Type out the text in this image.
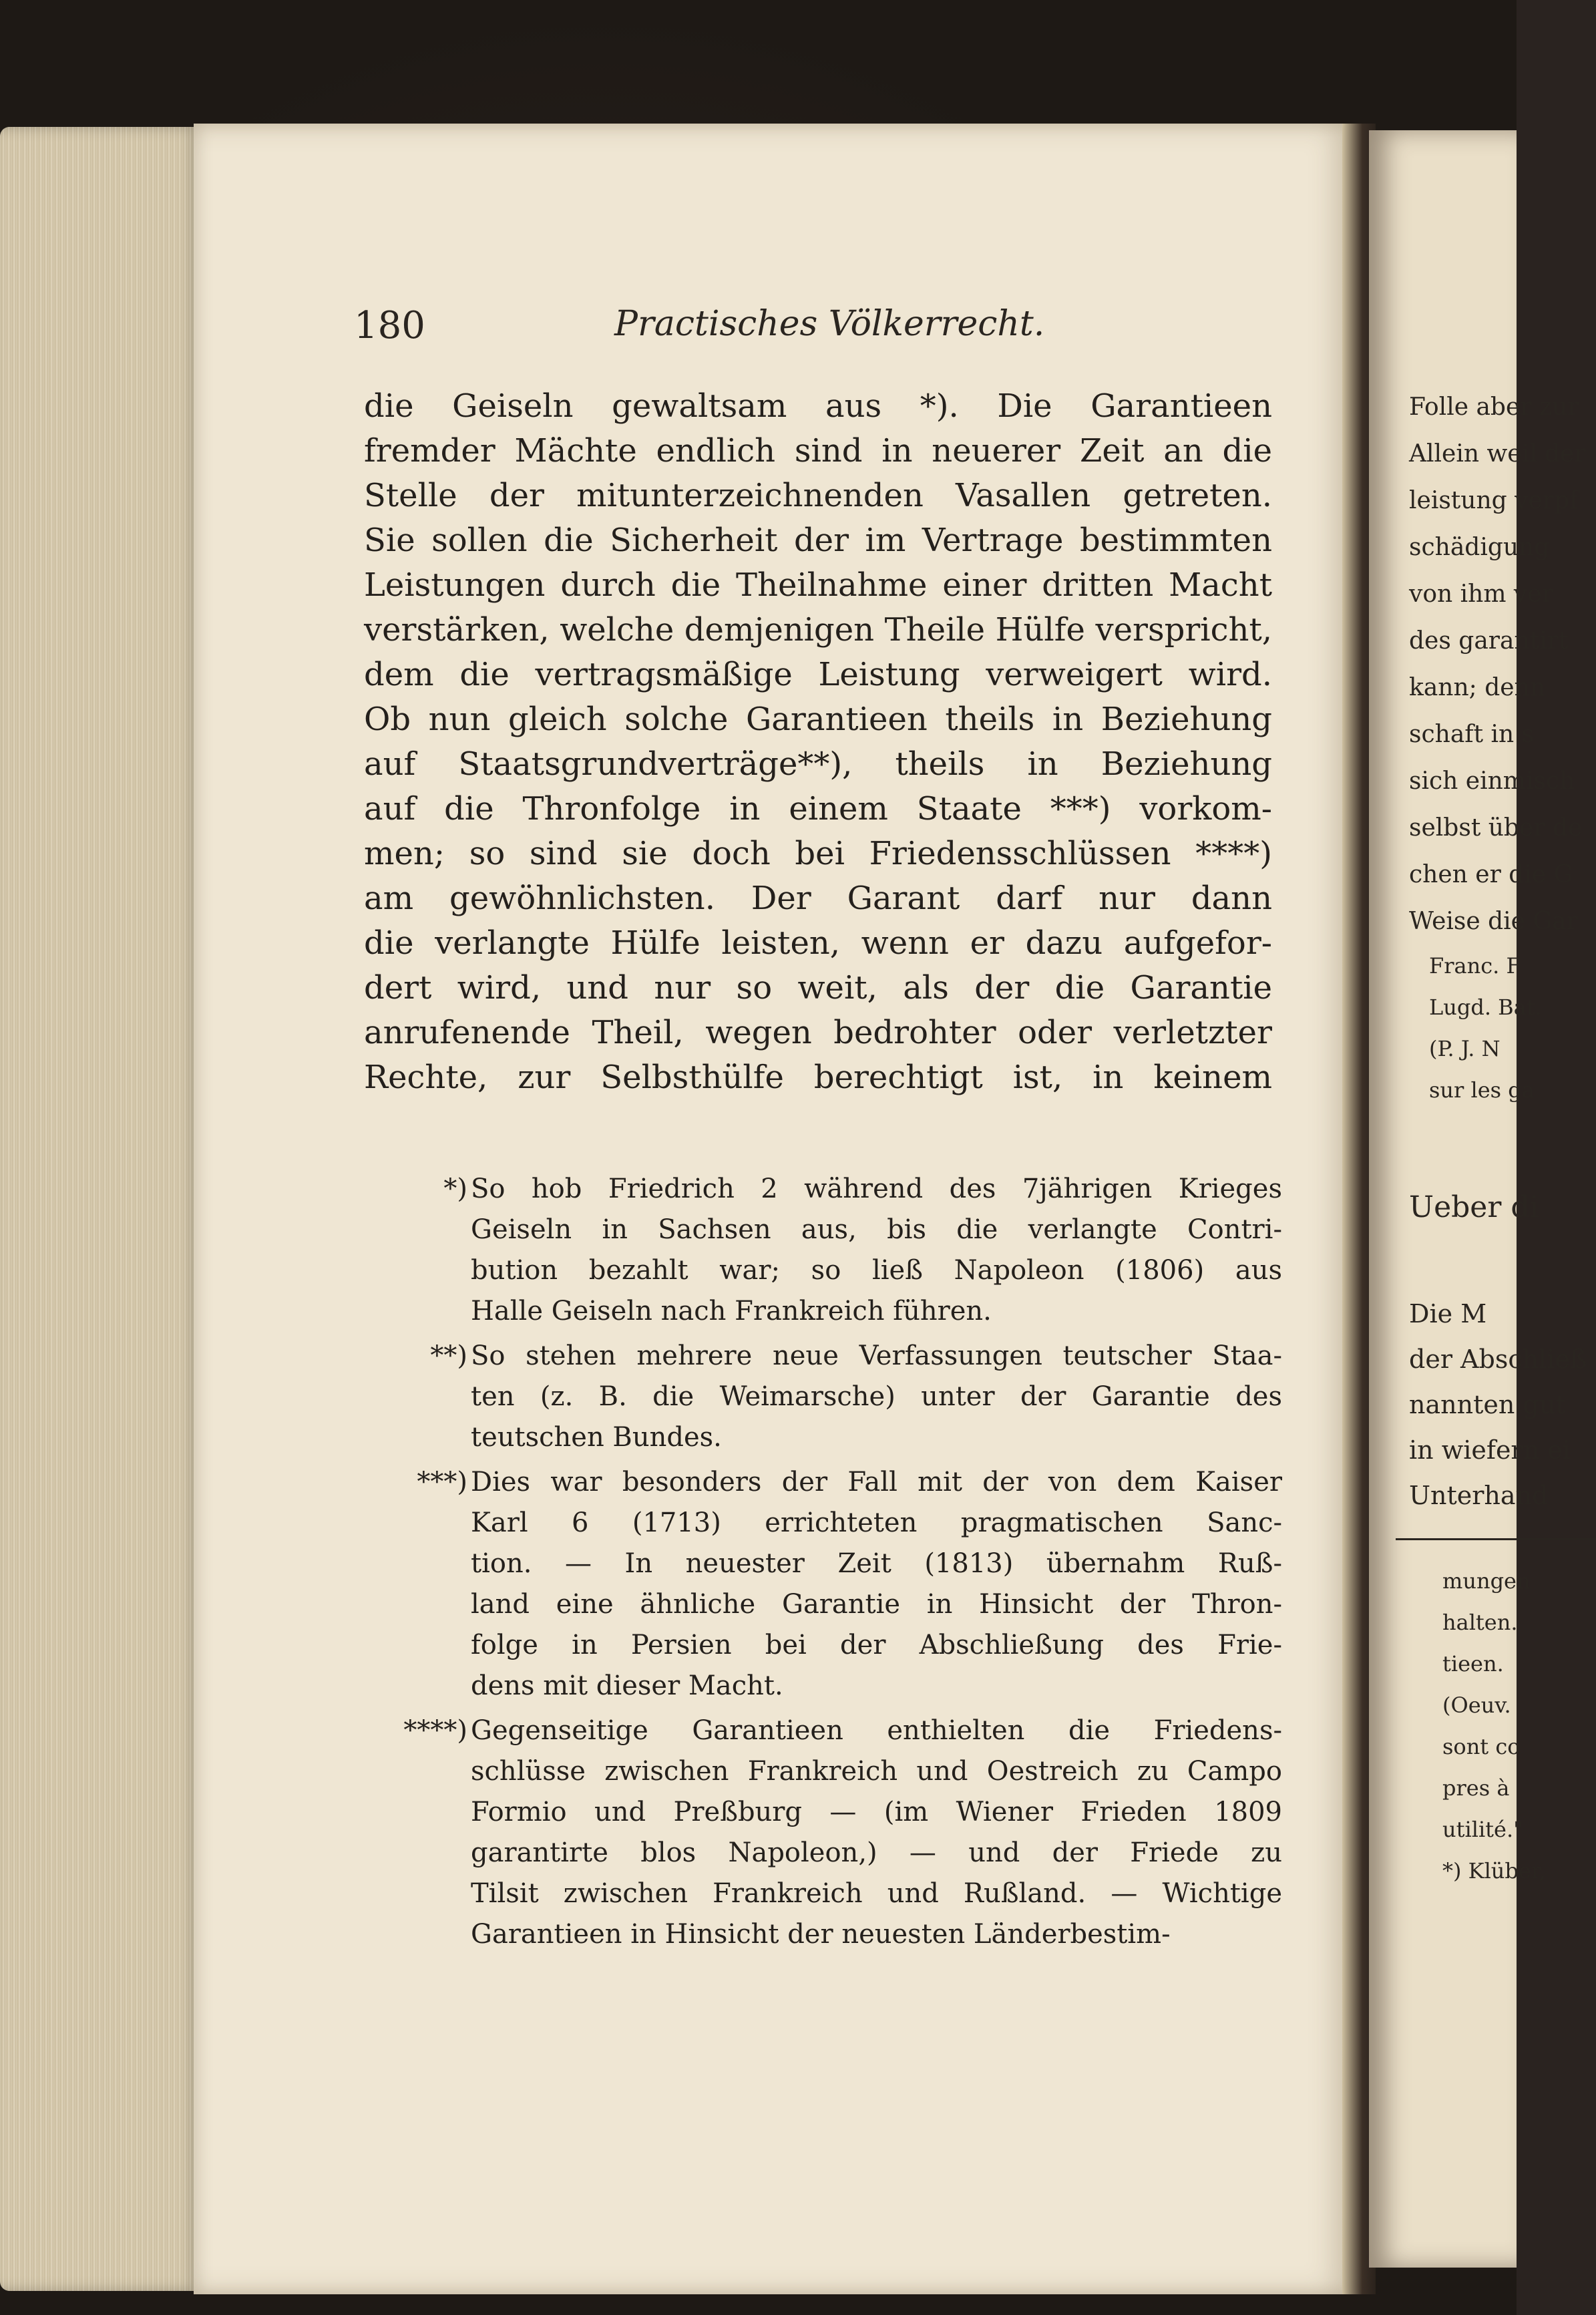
Folle aber zur
Allein weil der
leistung verpf
schädigung
von ihm ver
des garantirt
kann; denn
schaft in s
sich einmisch
selbst über de
chen er die G
Weise die Gar
Franc. F
Lugd. Bat.
(P. J. N
sur les ga
Ueber di
Die M
der Abschließ
nannten gut
in wiefern ei
Unterhand
mungen
halten.
tieen.
(Oeuv.
sont co
pres à
utilité."
*) Klüber,
180	Practisches Völkerrecht.
die Geiseln gewaltsam aus *). Die Garantieen
fremder Mächte endlich sind in neuerer Zeit an die
Stelle der mitunterzeichnenden Vasallen getreten.
Sie sollen die Sicherheit der im Vertrage bestimmten
Leistungen durch die Theilnahme einer dritten Macht
verstärken, welche demjenigen Theile Hülfe verspricht,
dem die vertragsmäßige Leistung verweigert wird.
Ob nun gleich solche Garantieen theils in Beziehung
auf Staatsgrundverträge**), theils in Beziehung
auf die Thronfolge in einem Staate ***) vorkom-
men; so sind sie doch bei Friedensschlüssen ****)
am gewöhnlichsten. Der Garant darf nur dann
die verlangte Hülfe leisten, wenn er dazu aufgefor-
dert wird, und nur so weit, als der die Garantie
anrufenende Theil, wegen bedrohter oder verletzter
Rechte, zur Selbsthülfe berechtigt ist, in keinem
*) So hob Friedrich 2 während des 7jährigen Krieges
Geiseln in Sachsen aus, bis die verlangte Contri-
bution bezahlt war; so ließ Napoleon (1806) aus
Halle Geiseln nach Frankreich führen.
**) So stehen mehrere neue Verfassungen teutscher Staa-
ten (z. B. die Weimarsche) unter der Garantie des
teutschen Bundes.
***) Dies war besonders der Fall mit der von dem Kaiser
Karl 6 (1713) errichteten pragmatischen Sanc-
tion. — In neuester Zeit (1813) übernahm Ruß-
land eine ähnliche Garantie in Hinsicht der Thron-
folge in Persien bei der Abschließung des Frie-
dens mit dieser Macht.
****) Gegenseitige Garantieen enthielten die Friedens-
schlüsse zwischen Frankreich und Oestreich zu Campo
Formio und Preßburg — (im Wiener Frieden 1809
garantirte blos Napoleon,) — und der Friede zu
Tilsit zwischen Frankreich und Rußland. — Wichtige
Garantieen in Hinsicht der neuesten Länderbestim-
